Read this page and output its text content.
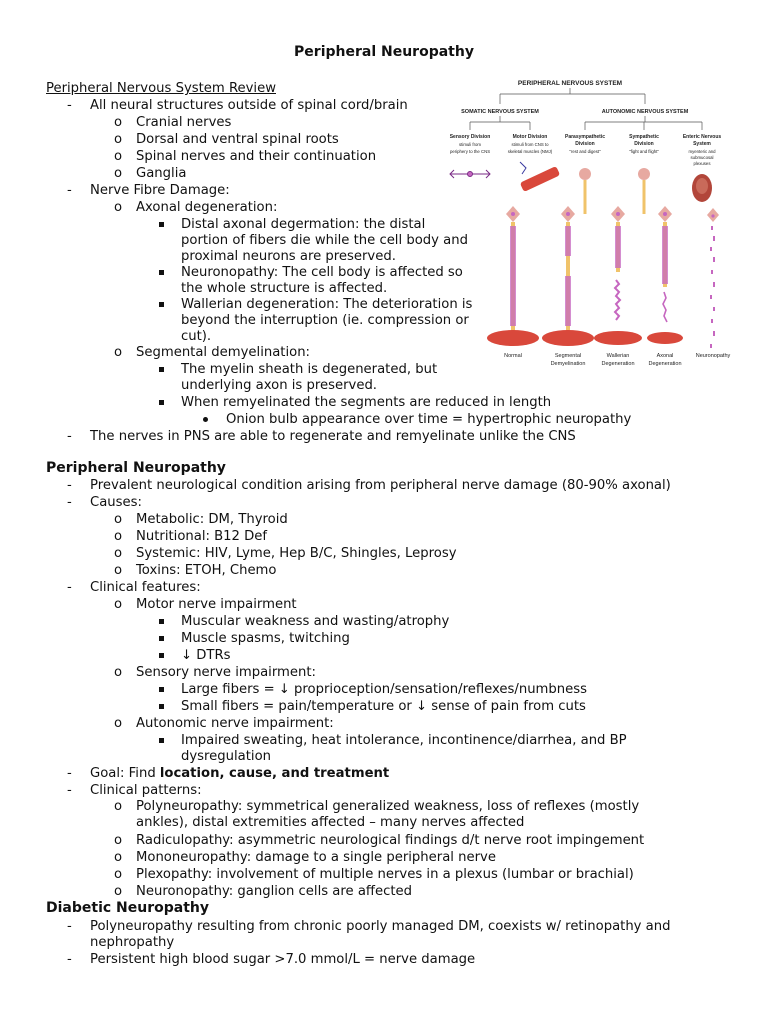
Peripheral Neuropathy
Peripheral Nervous System Review
- All neural structures outside of spinal cord/brain
o Cranial nerves
o Dorsal and ventral spinal roots
o Spinal nerves and their continuation
o Ganglia
- Nerve Fibre Damage:
o Axonal degeneration:
Distal axonal degermation: the distal
portion of fibers die while the cell body and
proximal neurons are preserved.
Neuronopathy: The cell body is affected so
the whole structure is affected.
Wallerian degeneration: The deterioration is
beyond the interruption (ie. compression or
cut).
o Segmental demyelination:
The myelin sheath is degenerated, but
underlying axon is preserved.
When remyelinated the segments are reduced in length
Onion bulb appearance over time = hypertrophic neuropathy
- The nerves in PNS are able to regenerate and remyelinate unlike the CNS
Peripheral Neuropathy
- Prevalent neurological condition arising from peripheral nerve damage (80-90% axonal)
- Causes:
o Metabolic: DM, Thyroid
o Nutritional: B12 Def
o Systemic: HIV, Lyme, Hep B/C, Shingles, Leprosy
o Toxins: ETOH, Chemo
- Clinical features:
o Motor nerve impairment
Muscular weakness and wasting/atrophy
Muscle spasms, twitching
↓ DTRs
o Sensory nerve impairment:
Large fibers = ↓ proprioception/sensation/reflexes/numbness
Small fibers = pain/temperature or ↓ sense of pain from cuts
o Autonomic nerve impairment:
Impaired sweating, heat intolerance, incontinence/diarrhea, and BP
dysregulation
- Goal: Find location, cause, and treatment
- Clinical patterns:
o Polyneuropathy: symmetrical generalized weakness, loss of reflexes (mostly
ankles), distal extremities affected – many nerves affected
o Radiculopathy: asymmetric neurological findings d/t nerve root impingement
o Mononeuropathy: damage to a single peripheral nerve
o Plexopathy: involvement of multiple nerves in a plexus (lumbar or brachial)
o Neuronopathy: ganglion cells are affected
Diabetic Neuropathy
- Polyneuropathy resulting from chronic poorly managed DM, coexists w/ retinopathy and
nephropathy
- Persistent high blood sugar >7.0 mmol/L = nerve damage
PERIPHERAL NERVOUS SYSTEM
SOMATIC NERVOUS SYSTEM	AUTONOMIC NERVOUS SYSTEM
Sensory Division
stimuli from
periphery to the CNS
Motor Division
stimuli from CNS to
skeletal muscles (NMJ)
Parasympathetic
Division
"rest and digest"
Sympathetic
Division
"fight and flight"
Enteric Nervous
System
myenteric and
submucosal
plexuses
Normal	Segmental
Demyelination
Wallerian
Degeneration
Axonal
Degeneration
Neuronopathy
